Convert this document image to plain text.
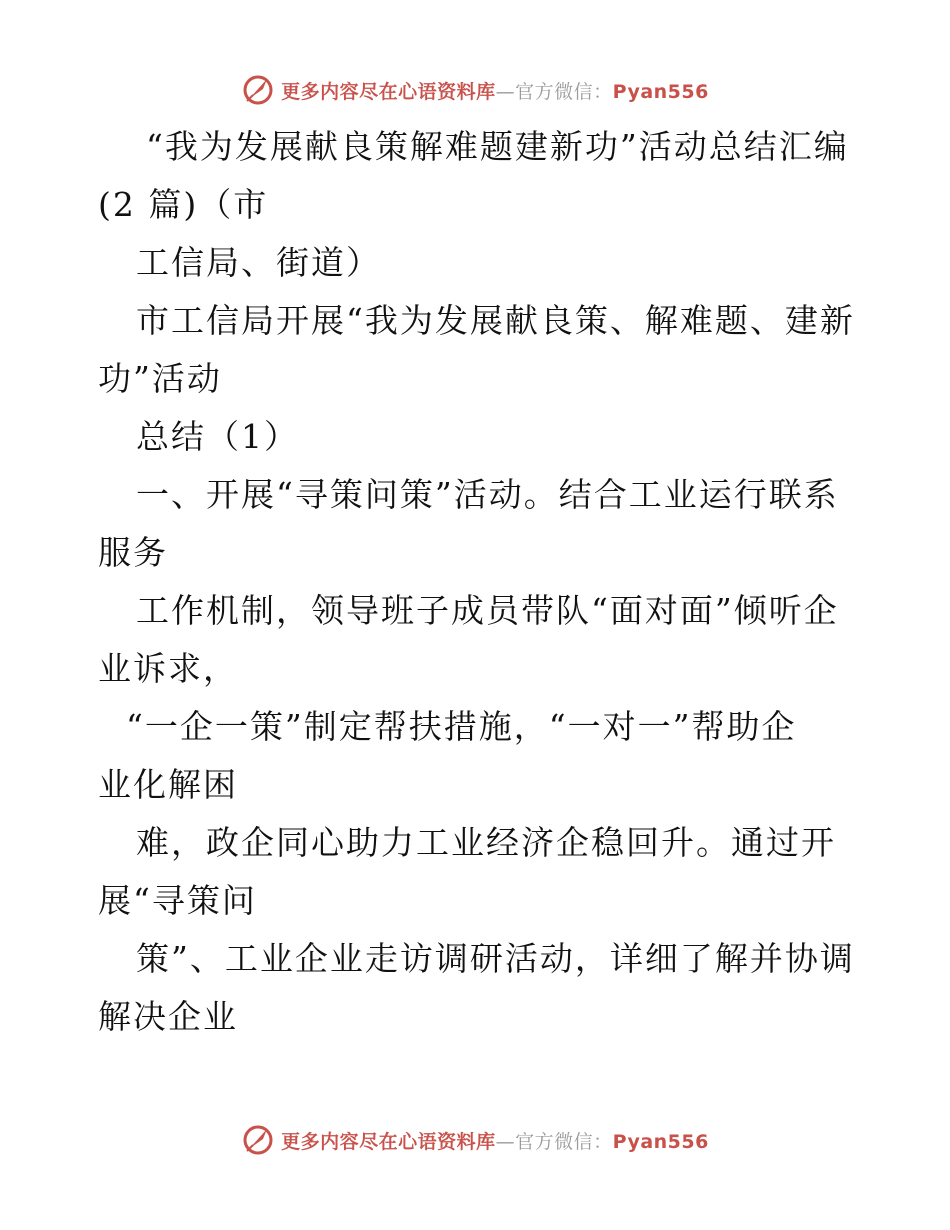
更多内容尽在心语资料库—官方微信：Pyan556
“我为发展献良策解难题建新功”活动总结汇编
(2 篇)（市
工信局、街道）
市工信局开展“我为发展献良策、解难题、建新
功”活动
总结（1）
一、开展“寻策问策”活动。结合工业运行联系
服务
工作机制，领导班子成员带队“面对面”倾听企
业诉求，
“一企一策”制定帮扶措施，“一对一”帮助企
业化解困
难，政企同心助力工业经济企稳回升。通过开
展“寻策问
策”、工业企业走访调研活动，详细了解并协调
解决企业
更多内容尽在心语资料库—官方微信：Pyan556
